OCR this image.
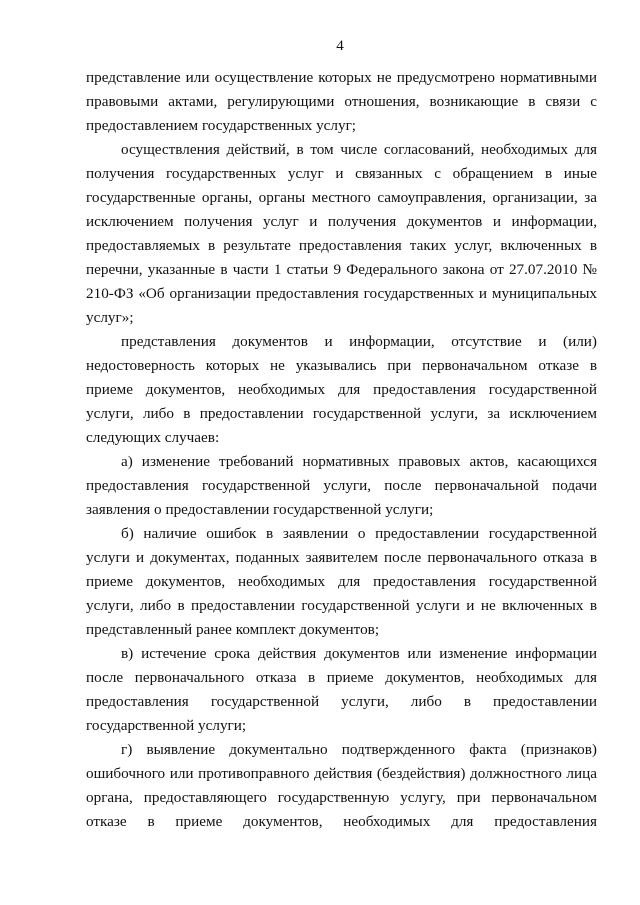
4

представление или осуществление которых не предусмотрено нормативными правовыми актами, регулирующими отношения, возникающие в связи с предоставлением государственных услуг;

осуществления действий, в том числе согласований, необходимых для получения государственных услуг и связанных с обращением в иные государственные органы, органы местного самоуправления, организации, за исключением получения услуг и получения документов и информации, предоставляемых в результате предоставления таких услуг, включенных в перечни, указанные в части 1 статьи 9 Федерального закона от 27.07.2010 № 210-ФЗ «Об организации предоставления государственных и муниципальных услуг»;

представления документов и информации, отсутствие и (или) недостоверность которых не указывались при первоначальном отказе в приеме документов, необходимых для предоставления государственной услуги, либо в предоставлении государственной услуги, за исключением следующих случаев:

а) изменение требований нормативных правовых актов, касающихся предоставления государственной услуги, после первоначальной подачи заявления о предоставлении государственной услуги;

б) наличие ошибок в заявлении о предоставлении государственной услуги и документах, поданных заявителем после первоначального отказа в приеме документов, необходимых для предоставления государственной услуги, либо в предоставлении государственной услуги и не включенных в представленный ранее комплект документов;

в) истечение срока действия документов или изменение информации после первоначального отказа в приеме документов, необходимых для предоставления государственной услуги, либо в предоставлении государственной услуги;

г) выявление документально подтвержденного факта (признаков) ошибочного или противоправного действия (бездействия) должностного лица органа, предоставляющего государственную услугу, при первоначальном отказе в приеме документов, необходимых для предоставления
